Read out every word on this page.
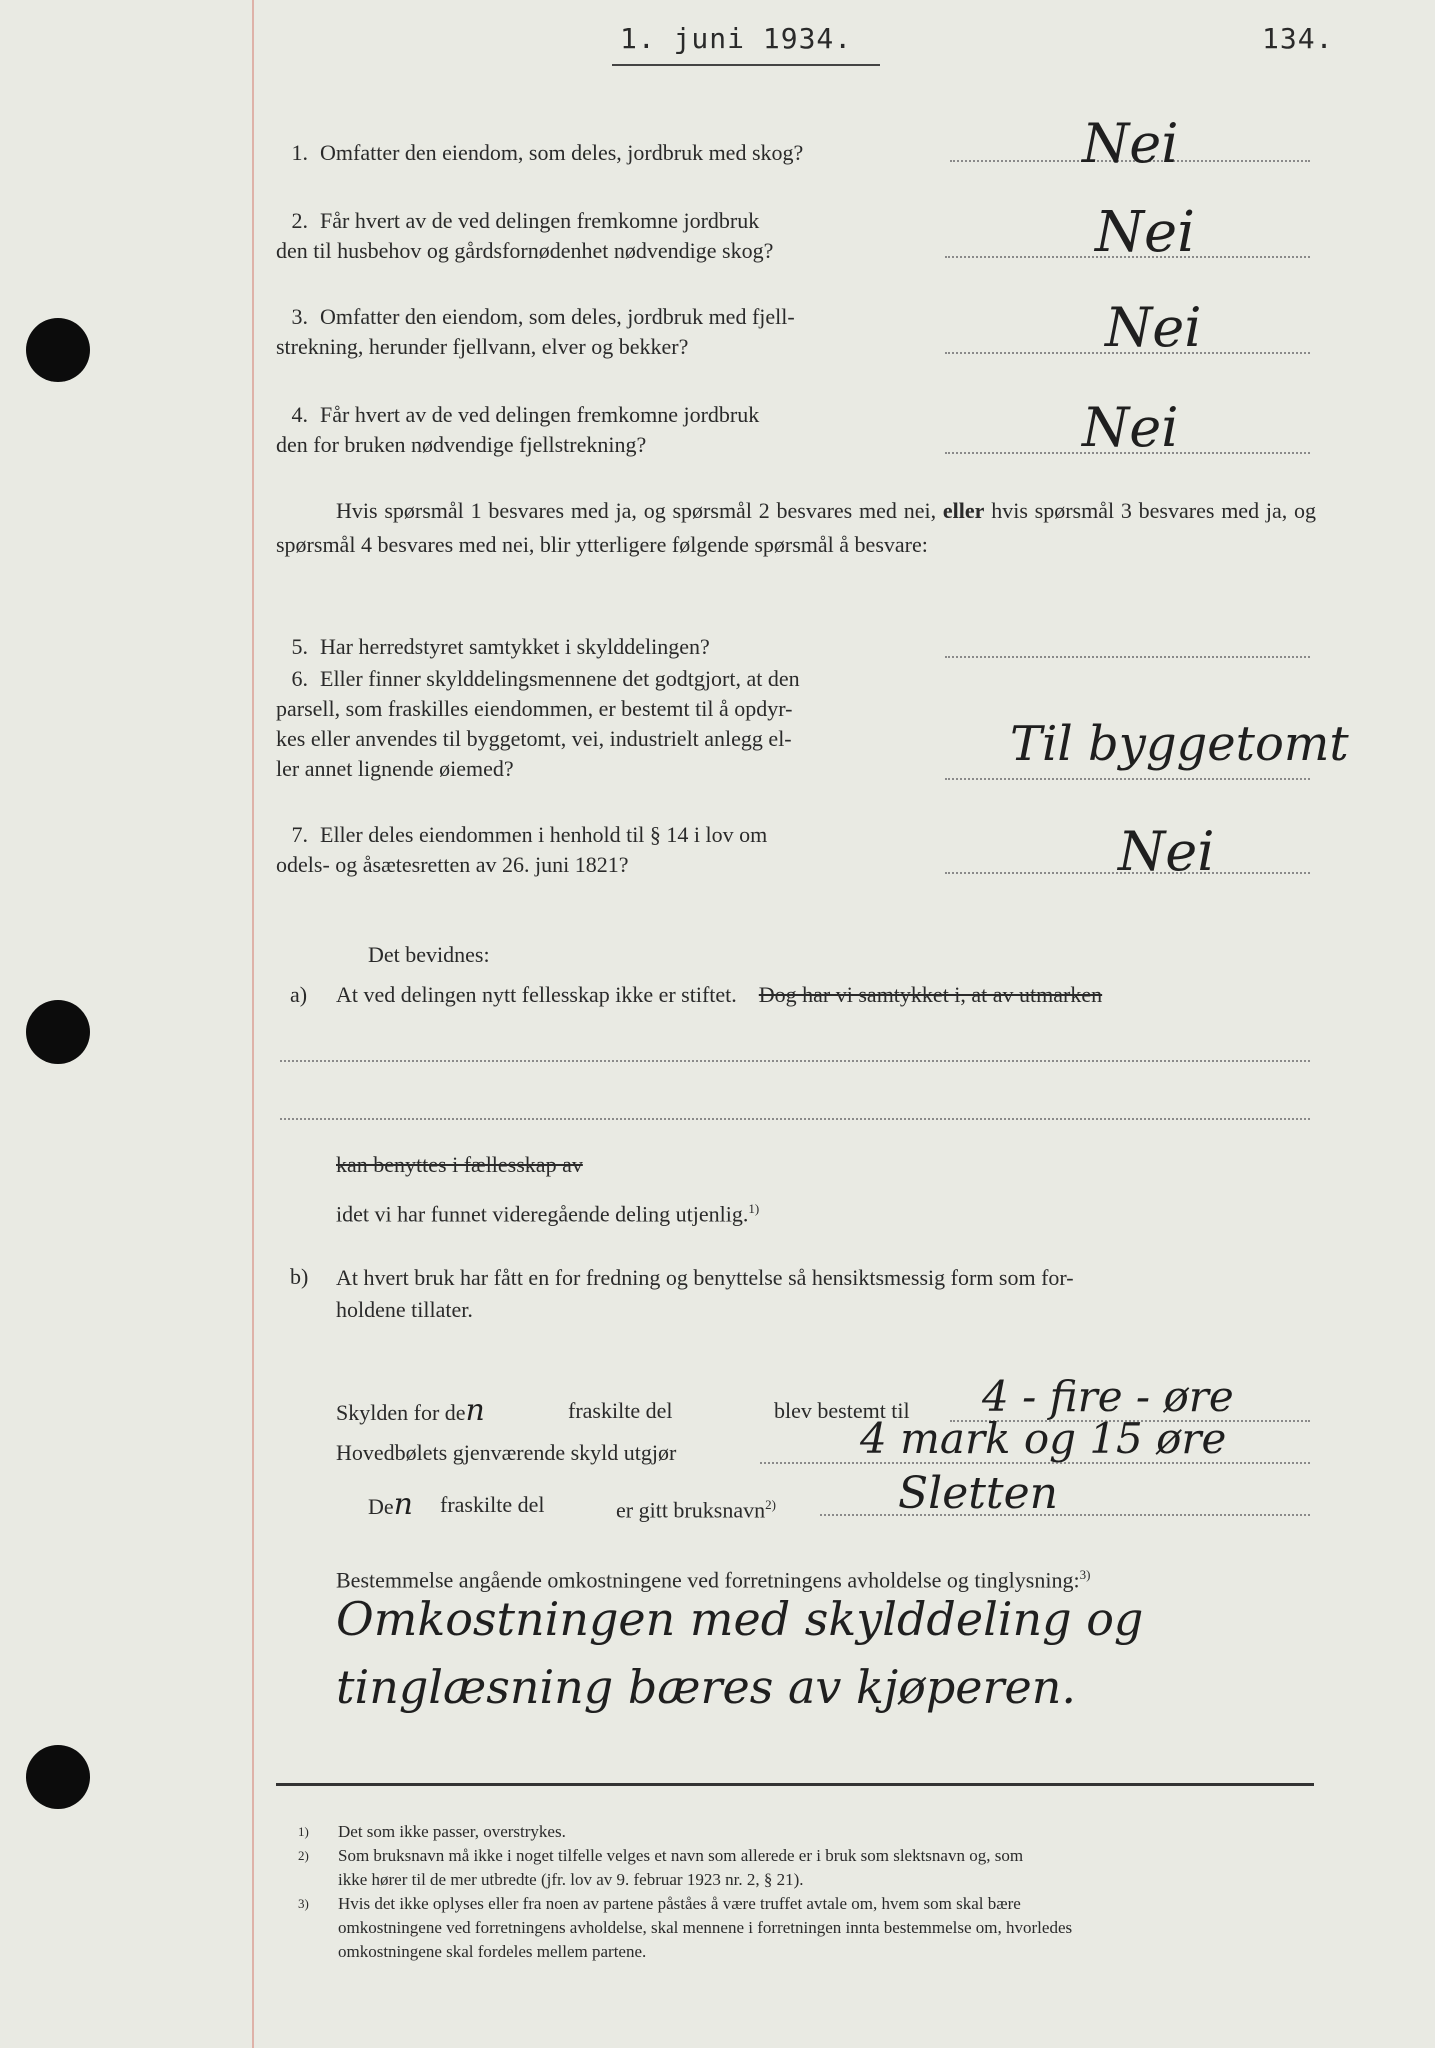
1. juni 1934.	134.
1. Omfatter den eiendom, som deles, jordbruk med skog?	Nei
2. Får hvert av de ved delingen fremkomne jordbruk
den til husbehov og gårdsfornødenhet nødvendige skog?	Nei
3. Omfatter den eiendom, som deles, jordbruk med fjell-
strekning, herunder fjellvann, elver og bekker?	Nei
4. Får hvert av de ved delingen fremkomne jordbruk
den for bruken nødvendige fjellstrekning?	Nei
Hvis spørsmål 1 besvares med ja, og spørsmål 2 besvares med nei, eller hvis spørsmål 3 besvares med ja, og spørsmål 4 besvares med nei, blir ytterligere følgende spørsmål å besvare:
5. Har herredstyret samtykket i skylddelingen?
6. Eller finner skylddelingsmennene det godtgjort, at den
parsell, som fraskilles eiendommen, er bestemt til å opdyr-
kes eller anvendes til byggetomt, vei, industrielt anlegg el-
ler annet lignende øiemed?	Til byggetomt
7. Eller deles eiendommen i henhold til § 14 i lov om
odels- og åsætesretten av 26. juni 1821?	Nei
Det bevidnes:
a) At ved delingen nytt fellesskap ikke er stiftet. Dog har vi samtykket i, at av utmarken
kan benyttes i fællesskap av
idet vi har funnet videregående deling utjenlig.$^{1)}$
b) At hvert bruk har fått en for fredning og benyttelse så hensiktsmessig form som for-
holdene tillater.
Skylden for den	fraskilte del	blev bestemt til 4 - fire - øre
Hovedbølets gjenværende skyld utgjør	4 mark og 15 øre
Den fraskilte del	er gitt bruksnavn$^{2)}$	Sletten
Bestemmelse angående omkostningene ved forretningens avholdelse og tinglysning:$^{3)}$
Omkostningen med skylddeling og
tinglæsning bæres av kjøperen.
1) Det som ikke passer, overstrykes.
2) Som bruksnavn må ikke i noget tilfelle velges et navn som allerede er i bruk som slektsnavn og, som
ikke hører til de mer utbredte (jfr. lov av 9. februar 1923 nr. 2, § 21).
3) Hvis det ikke oplyses eller fra noen av partene påståes å være truffet avtale om, hvem som skal bære
omkostningene ved forretningens avholdelse, skal mennene i forretningen innta bestemmelse om, hvorledes
omkostningene skal fordeles mellem partene.
